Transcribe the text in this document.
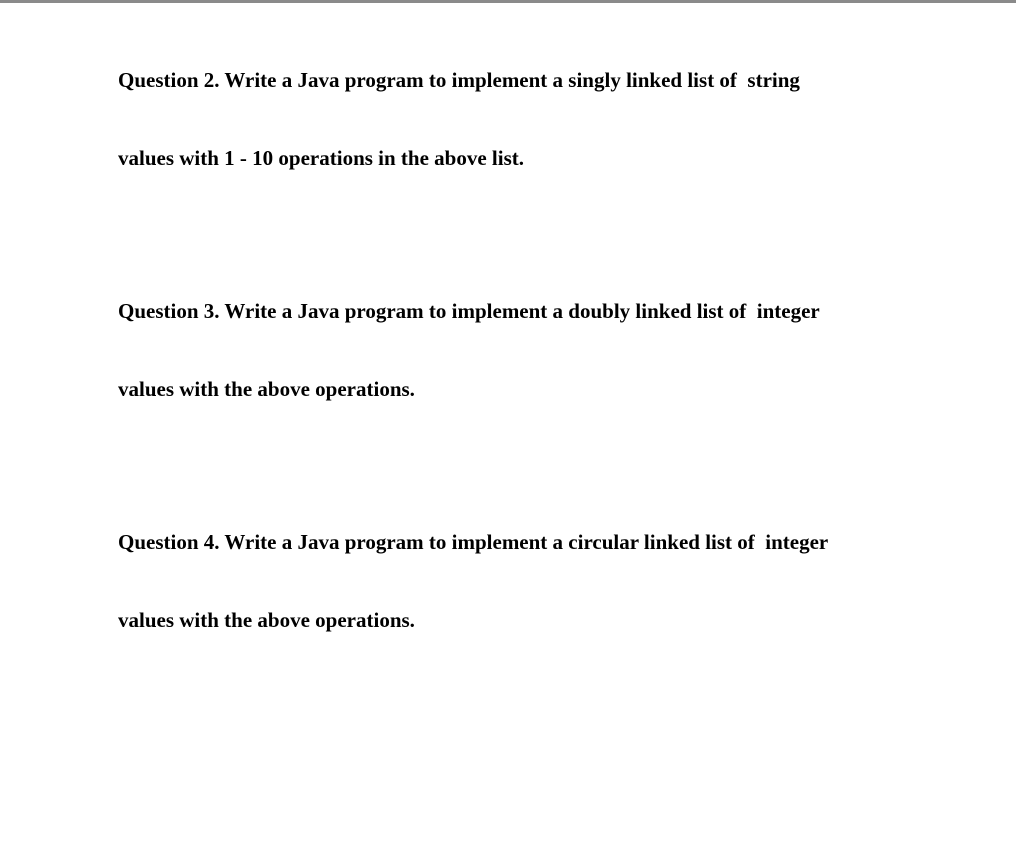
Question 2. Write a Java program to implement a singly linked list of  string

values with 1 - 10 operations in the above list.

Question 3. Write a Java program to implement a doubly linked list of  integer

values with the above operations.

Question 4. Write a Java program to implement a circular linked list of  integer

values with the above operations.
